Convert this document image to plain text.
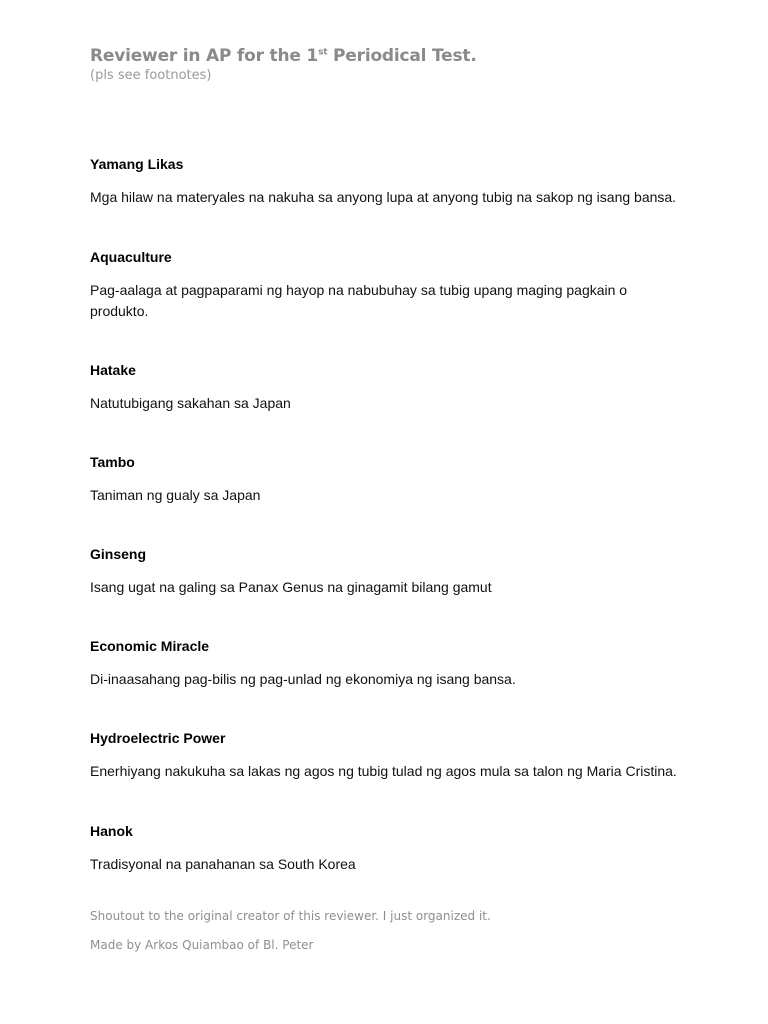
Reviewer in AP for the 1st Periodical Test.

(pls see footnotes)

Yamang Likas

Mga hilaw na materyales na nakuha sa anyong lupa at anyong tubig na sakop ng isang bansa.

Aquaculture

Pag-aalaga at pagpaparami ng hayop na nabubuhay sa tubig upang maging pagkain o produkto.

Hatake

Natutubigang sakahan sa Japan

Tambo

Taniman ng gualy sa Japan

Ginseng

Isang ugat na galing sa Panax Genus na ginagamit bilang gamut

Economic Miracle

Di-inaasahang pag-bilis ng pag-unlad ng ekonomiya ng isang bansa.

Hydroelectric Power

Enerhiyang nakukuha sa lakas ng agos ng tubig tulad ng agos mula sa talon ng Maria Cristina.

Hanok

Tradisyonal na panahanan sa South Korea

Shoutout to the original creator of this reviewer. I just organized it.

Made by Arkos Quiambao of Bl. Peter
